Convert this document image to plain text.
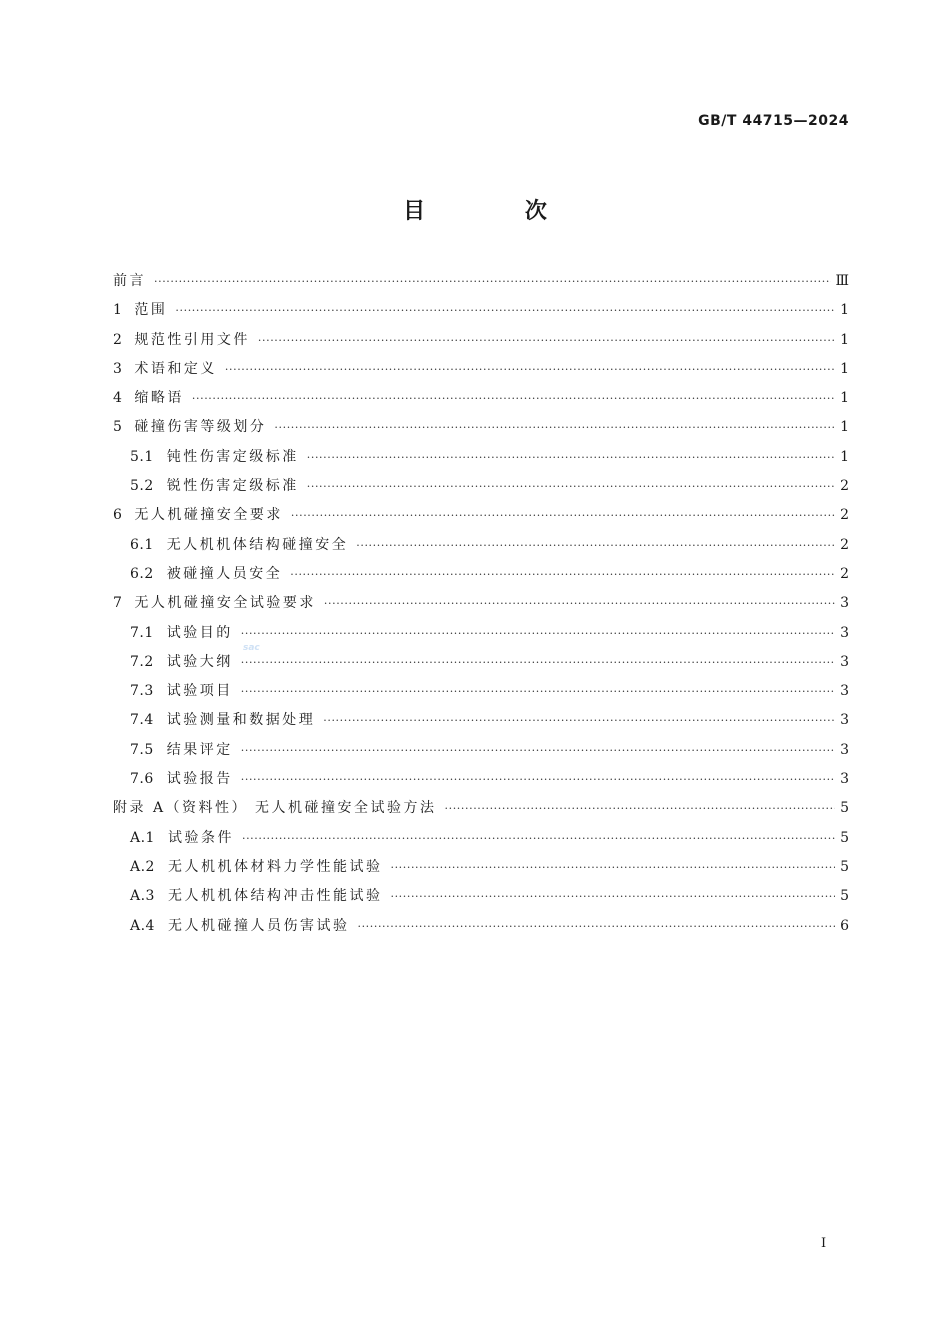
GB/T 44715—2024
目 次
前言 ·····	Ⅲ
1 范围 ·····	1
2 规范性引用文件 ·····	1
3 术语和定义 ·····	1
4 缩略语 ·····	1
5 碰撞伤害等级划分 ·····	1
5.1 钝性伤害定级标准 ·····	1
5.2 锐性伤害定级标准 ·····	2
6 无人机碰撞安全要求 ·····	2
6.1 无人机机体结构碰撞安全 ·····	2
6.2 被碰撞人员安全 ·····	2
7 无人机碰撞安全试验要求 ·····	3
7.1 试验目的 ·····	3
7.2 试验大纲 ·····	3
7.3 试验项目 ·····	3
7.4 试验测量和数据处理 ·····	3
7.5 结果评定 ·····	3
7.6 试验报告 ·····	3
附录 A（资料性） 无人机碰撞安全试验方法 ·····	5
A.1 试验条件 ·····	5
A.2 无人机机体材料力学性能试验 ·····	5
A.3 无人机机体结构冲击性能试验 ·····	5
A.4 无人机碰撞人员伤害试验 ·····	6
sac
I
